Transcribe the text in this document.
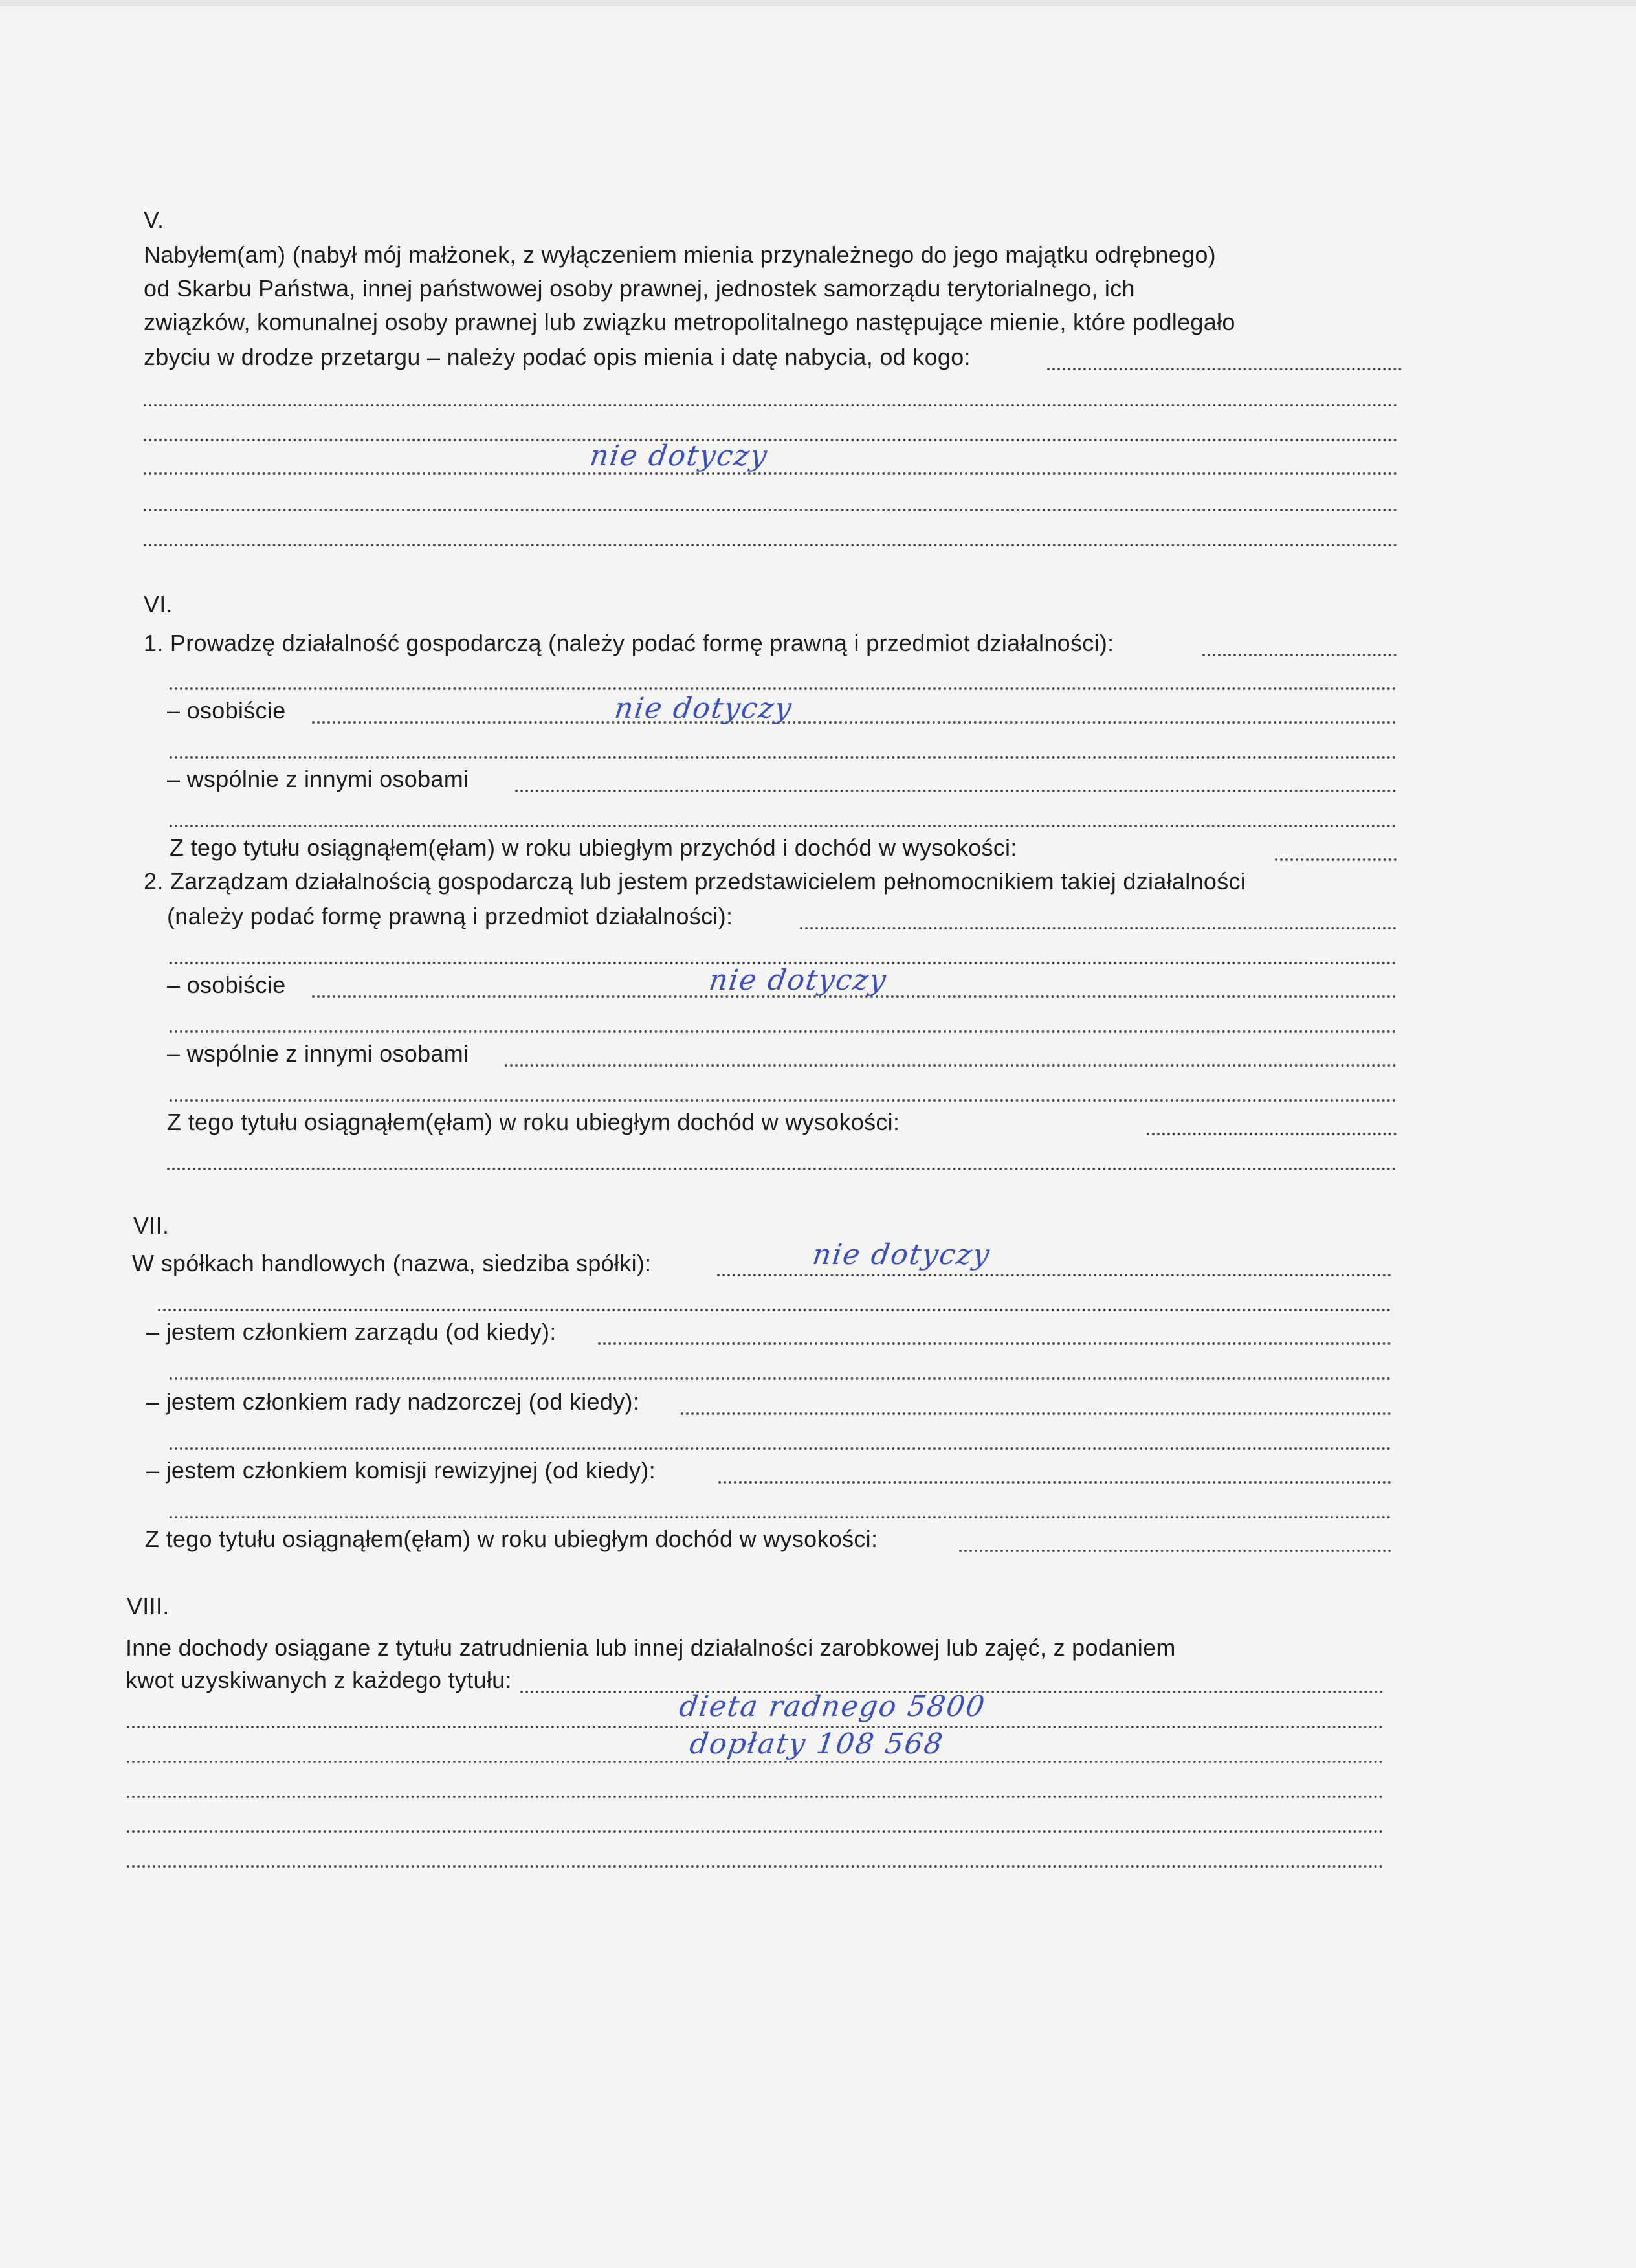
V.
Nabyłem(am) (nabył mój małżonek, z wyłączeniem mienia przynależnego do jego majątku odrębnego)
od Skarbu Państwa, innej państwowej osoby prawnej, jednostek samorządu terytorialnego, ich
związków, komunalnej osoby prawnej lub związku metropolitalnego następujące mienie, które podlegało
zbyciu w drodze przetargu – należy podać opis mienia i datę nabycia, od kogo:
nie dotyczy
VI.
1. Prowadzę działalność gospodarczą (należy podać formę prawną i przedmiot działalności):
– osobiście	nie dotyczy
– wspólnie z innymi osobami
Z tego tytułu osiągnąłem(ęłam) w roku ubiegłym przychód i dochód w wysokości:
2. Zarządzam działalnością gospodarczą lub jestem przedstawicielem pełnomocnikiem takiej działalności
(należy podać formę prawną i przedmiot działalności):
– osobiście	nie dotyczy
– wspólnie z innymi osobami
Z tego tytułu osiągnąłem(ęłam) w roku ubiegłym dochód w wysokości:
VII.
W spółkach handlowych (nazwa, siedziba spółki):	nie dotyczy
– jestem członkiem zarządu (od kiedy):
– jestem członkiem rady nadzorczej (od kiedy):
– jestem członkiem komisji rewizyjnej (od kiedy):
Z tego tytułu osiągnąłem(ęłam) w roku ubiegłym dochód w wysokości:
VIII.
Inne dochody osiągane z tytułu zatrudnienia lub innej działalności zarobkowej lub zajęć, z podaniem
kwot uzyskiwanych z każdego tytułu:
dieta radnego 5800
dopłaty 108 568
